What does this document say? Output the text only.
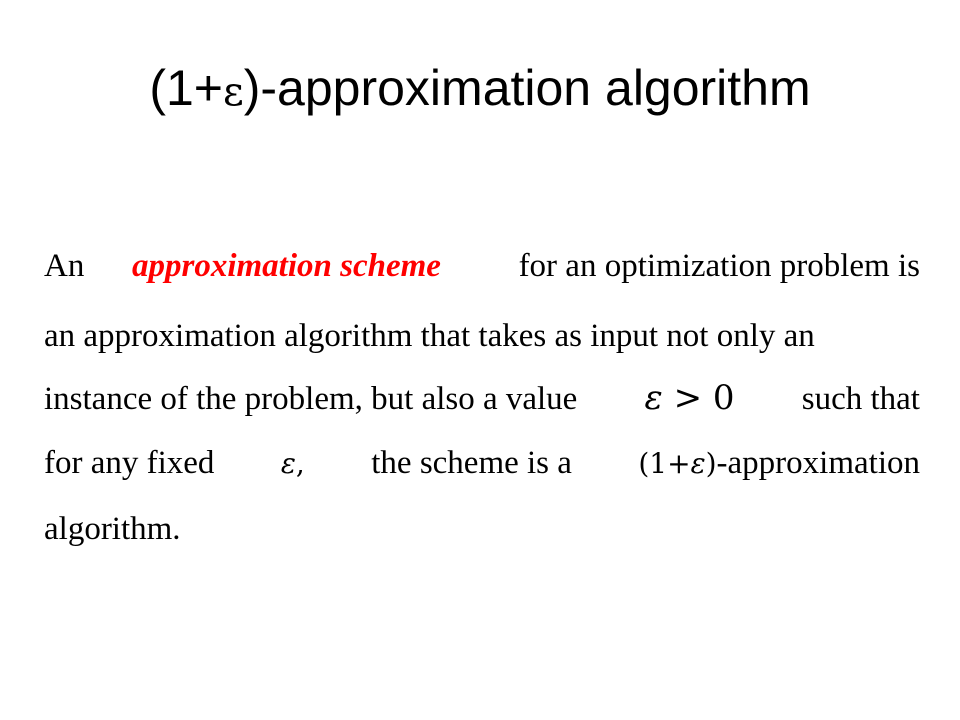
(1+ε)-approximation algorithm
An approximation scheme for an optimization problem is
an approximation algorithm that takes as input not only an
instance of the problem, but also a value ε > 0 such that
for any fixed ε, the scheme is a (1+ε)-approximation
algorithm.
